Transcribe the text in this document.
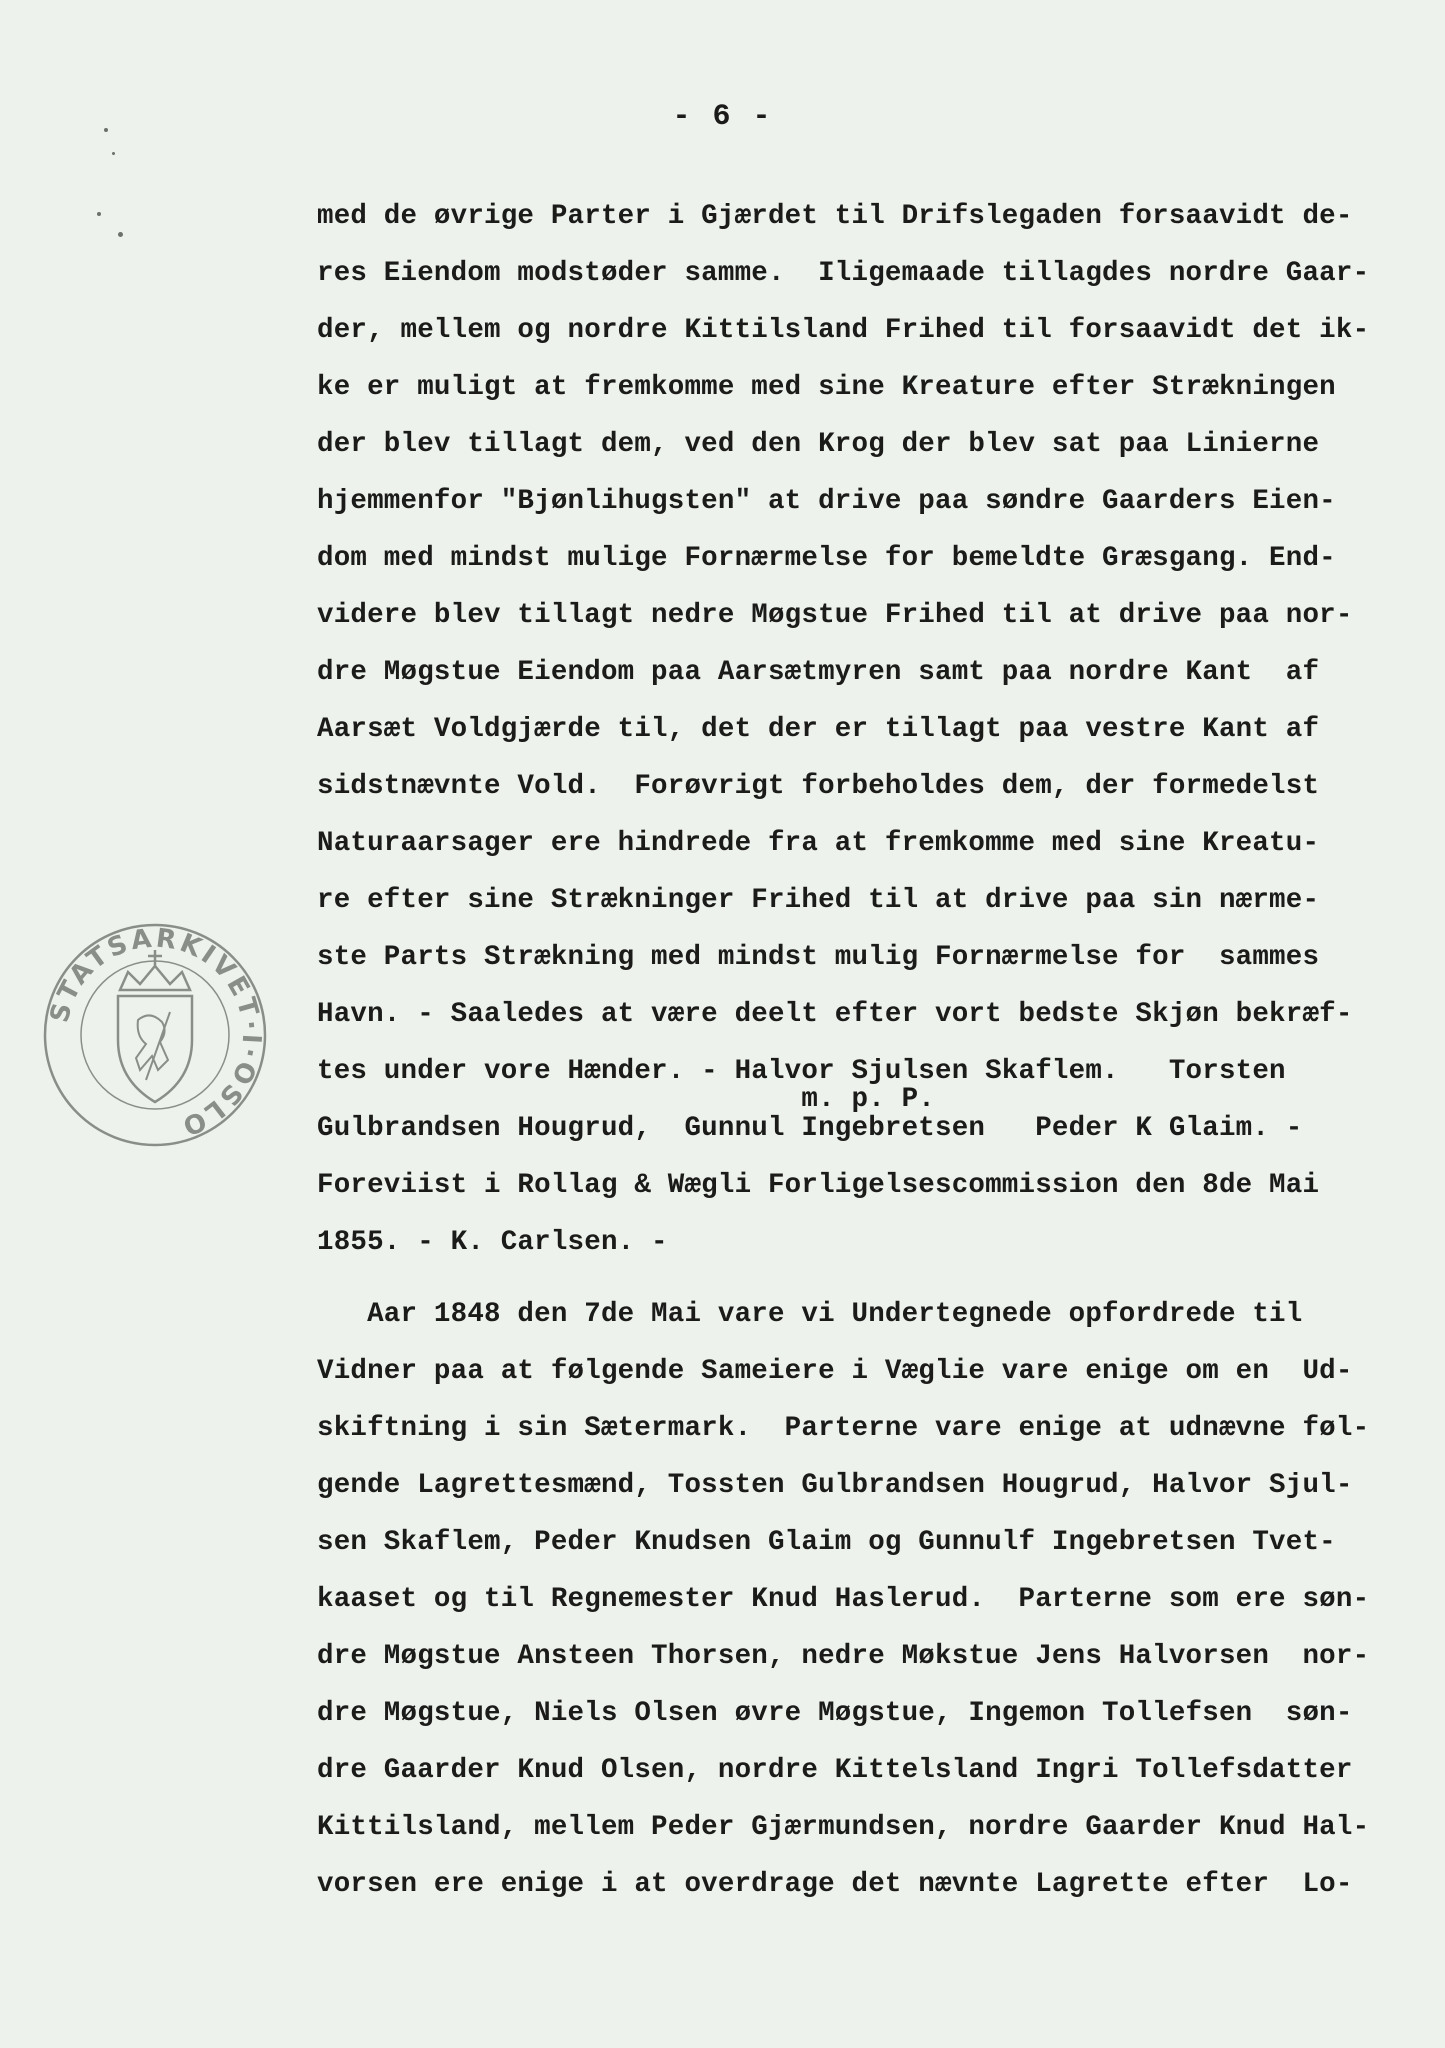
- 6 -
STATSARKIVET·I·OSLO
med de øvrige Parter i Gjærdet til Drifslegaden forsaavidt de-
res Eiendom modstøder samme.  Iligemaade tillagdes nordre Gaar-
der, mellem og nordre Kittilsland Frihed til forsaavidt det ik-
ke er muligt at fremkomme med sine Kreature efter Strækningen
der blev tillagt dem, ved den Krog der blev sat paa Linierne
hjemmenfor "Bjønlihugsten" at drive paa søndre Gaarders Eien-
dom med mindst mulige Fornærmelse for bemeldte Græsgang. End-
videre blev tillagt nedre Møgstue Frihed til at drive paa nor-
dre Møgstue Eiendom paa Aarsætmyren samt paa nordre Kant  af
Aarsæt Voldgjærde til, det der er tillagt paa vestre Kant af
sidstnævnte Vold.  Forøvrigt forbeholdes dem, der formedelst
Naturaarsager ere hindrede fra at fremkomme med sine Kreatu-
re efter sine Strækninger Frihed til at drive paa sin nærme-
ste Parts Strækning med mindst mulig Fornærmelse for  sammes
Havn. - Saaledes at være deelt efter vort bedste Skjøn bekræf-
tes under vore Hænder. - Halvor Sjulsen Skaflem.   Torsten
m. p. P.
Gulbrandsen Hougrud,  Gunnul Ingebretsen   Peder K Glaim. -
Foreviist i Rollag & Wægli Forligelsescommission den 8de Mai
1855. - K. Carlsen. -
Aar 1848 den 7de Mai vare vi Undertegnede opfordrede til
Vidner paa at følgende Sameiere i Væglie vare enige om en  Ud-
skiftning i sin Sætermark.  Parterne vare enige at udnævne føl-
gende Lagrettesmænd, Tossten Gulbrandsen Hougrud, Halvor Sjul-
sen Skaflem, Peder Knudsen Glaim og Gunnulf Ingebretsen Tvet-
kaaset og til Regnemester Knud Haslerud.  Parterne som ere søn-
dre Møgstue Ansteen Thorsen, nedre Møkstue Jens Halvorsen  nor-
dre Møgstue, Niels Olsen øvre Møgstue, Ingemon Tollefsen  søn-
dre Gaarder Knud Olsen, nordre Kittelsland Ingri Tollefsdatter
Kittilsland, mellem Peder Gjærmundsen, nordre Gaarder Knud Hal-
vorsen ere enige i at overdrage det nævnte Lagrette efter  Lo-
